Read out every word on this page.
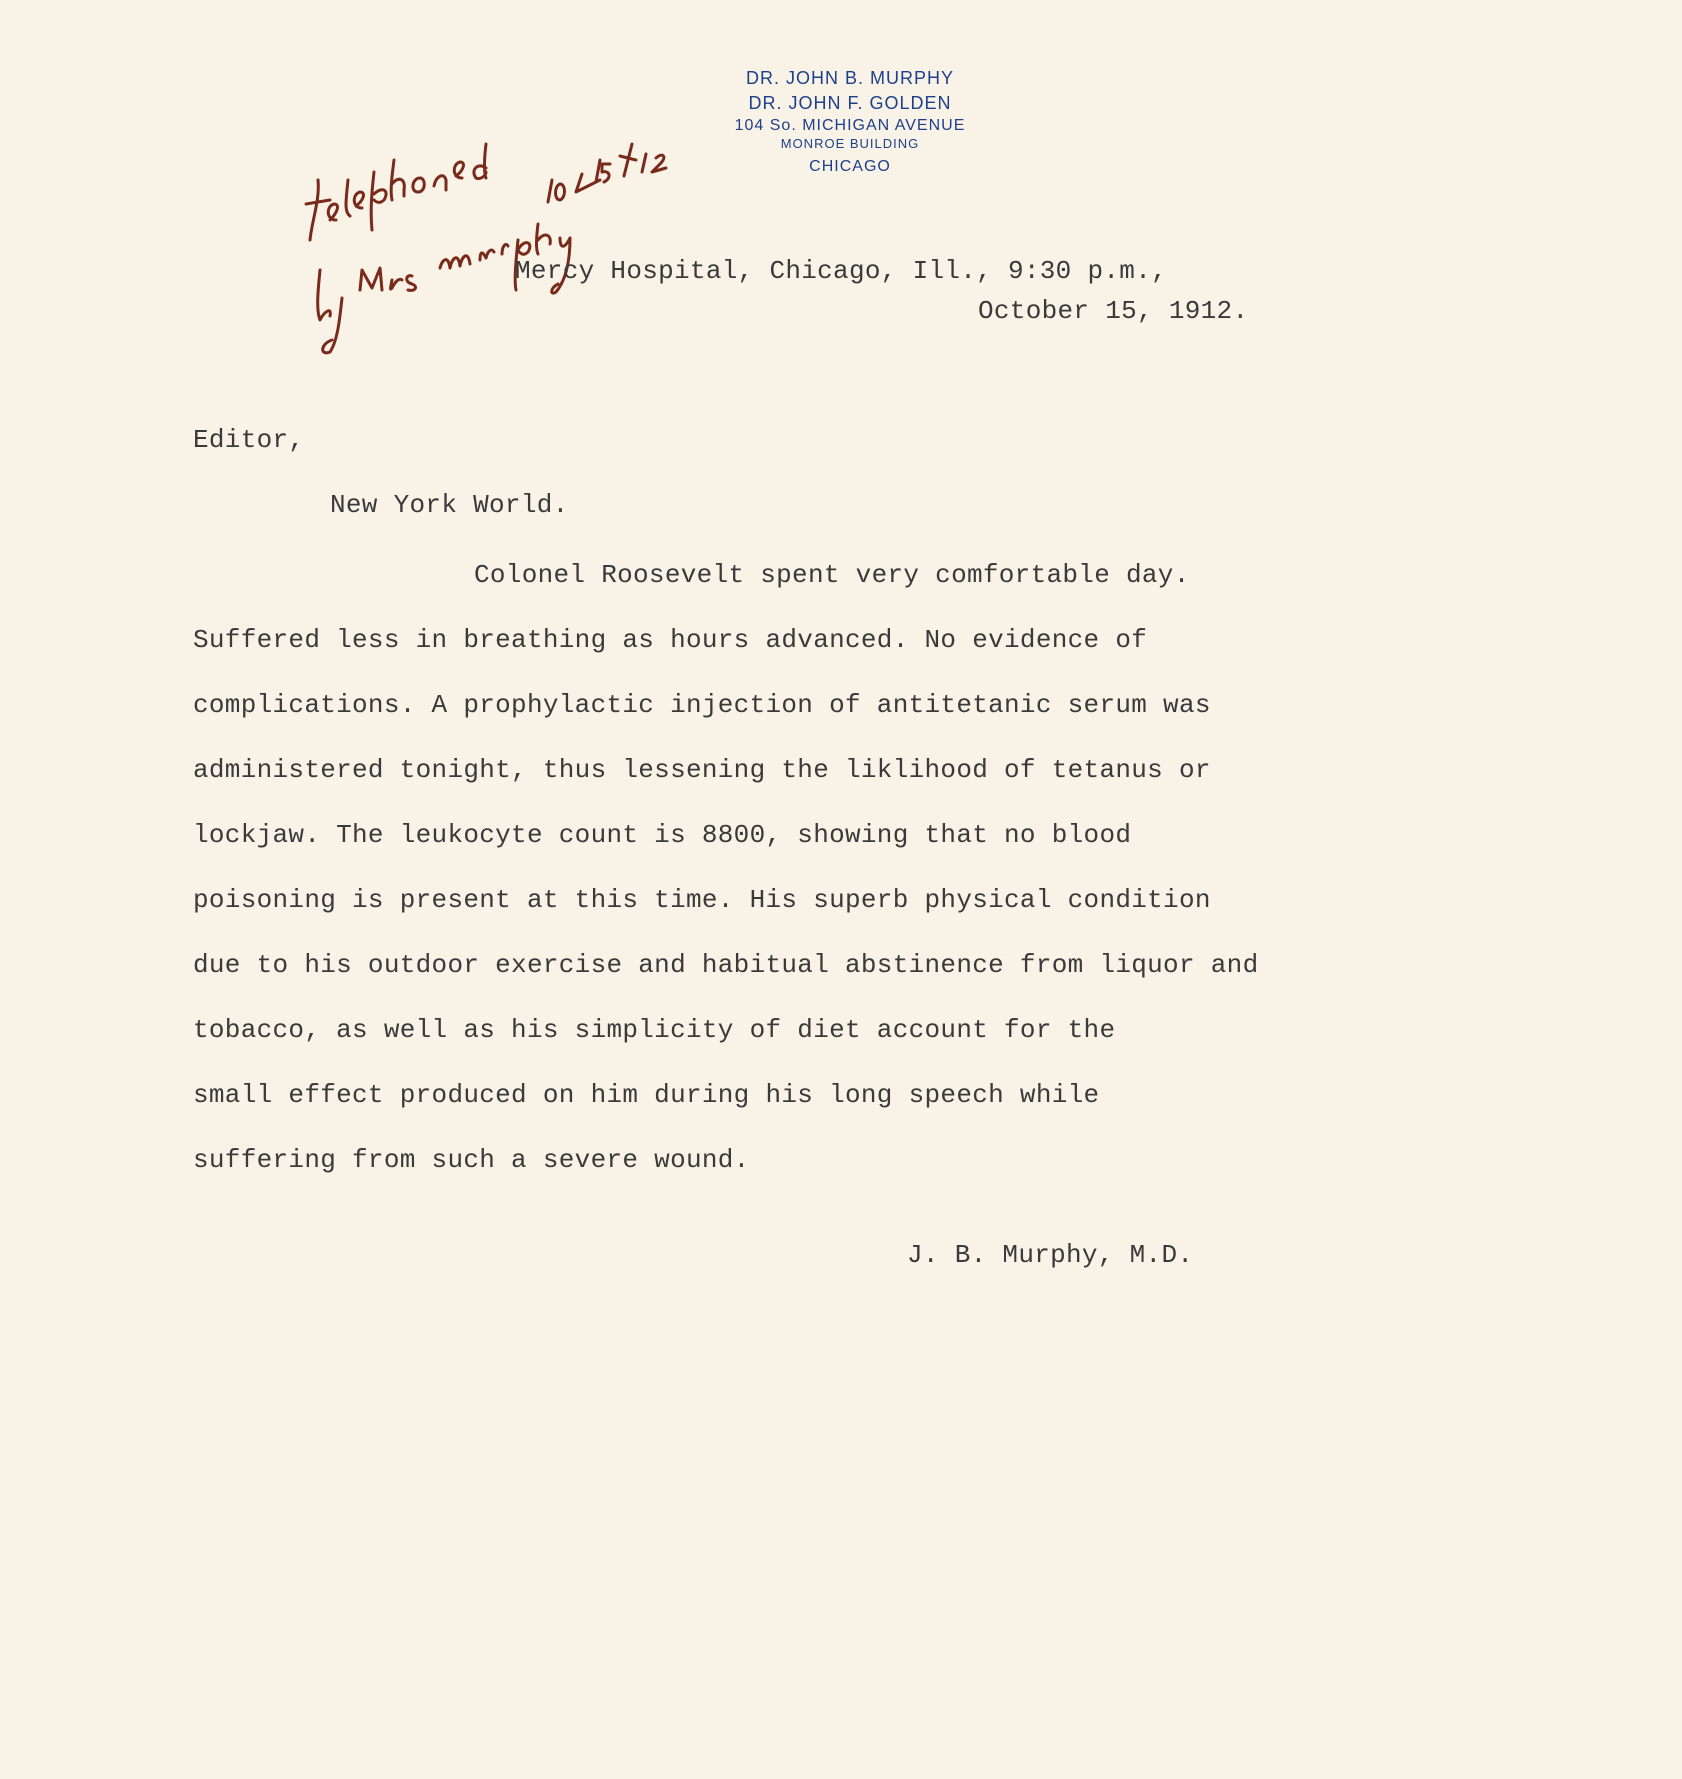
DR. JOHN B. MURPHY
DR. JOHN F. GOLDEN
104 So. MICHIGAN AVENUE
MONROE BUILDING
CHICAGO
Mercy Hospital, Chicago, Ill., 9:30 p.m.,
October 15, 1912.
Editor,
New York World.
Colonel Roosevelt spent very comfortable day.
Suffered less in breathing as hours advanced. No evidence of
complications. A prophylactic injection of antitetanic serum was
administered tonight, thus lessening the liklihood of tetanus or
lockjaw. The leukocyte count is 8800, showing that no blood
poisoning is present at this time. His superb physical condition
due to his outdoor exercise and habitual abstinence from liquor and
tobacco, as well as his simplicity of diet account for the
small effect produced on him during his long speech while
suffering from such a severe wound.
J. B. Murphy, M.D.
